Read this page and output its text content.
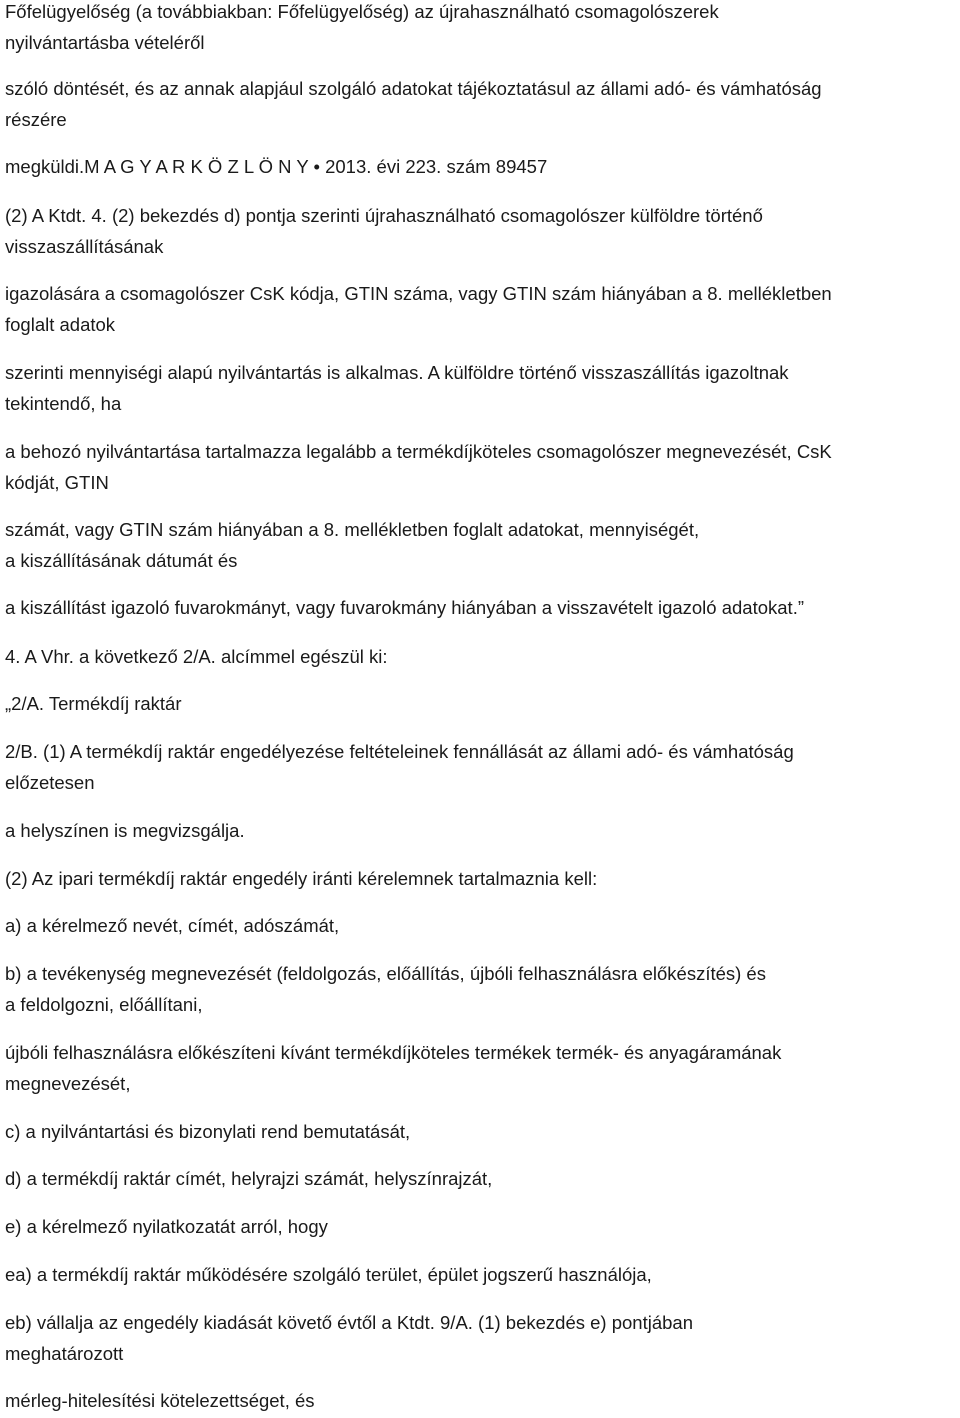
Főfelügyelőség (a továbbiakban: Főfelügyelőség) az újrahasználható csomagolószerek
nyilvántartásba vételéről
szóló döntését, és az annak alapjául szolgáló adatokat tájékoztatásul az állami adó- és vámhatóság
részére
megküldi.M A G Y A R K Ö Z L Ö N Y • 2013. évi 223. szám 89457
(2) A Ktdt. 4. (2) bekezdés d) pontja szerinti újrahasználható csomagolószer külföldre történő
visszaszállításának
igazolására a csomagolószer CsK kódja, GTIN száma, vagy GTIN szám hiányában a 8. mellékletben
foglalt adatok
szerinti mennyiségi alapú nyilvántartás is alkalmas. A külföldre történő visszaszállítás igazoltnak
tekintendő, ha
a behozó nyilvántartása tartalmazza legalább a termékdíjköteles csomagolószer megnevezését, CsK
kódját, GTIN
számát, vagy GTIN szám hiányában a 8. mellékletben foglalt adatokat, mennyiségét,
a kiszállításának dátumát és
a kiszállítást igazoló fuvarokmányt, vagy fuvarokmány hiányában a visszavételt igazoló adatokat.”
4. A Vhr. a következő 2/A. alcímmel egészül ki:
„2/A. Termékdíj raktár
2/B. (1) A termékdíj raktár engedélyezése feltételeinek fennállását az állami adó- és vámhatóság
előzetesen
a helyszínen is megvizsgálja.
(2) Az ipari termékdíj raktár engedély iránti kérelemnek tartalmaznia kell:
a) a kérelmező nevét, címét, adószámát,
b) a tevékenység megnevezését (feldolgozás, előállítás, újbóli felhasználásra előkészítés) és
a feldolgozni, előállítani,
újbóli felhasználásra előkészíteni kívánt termékdíjköteles termékek termék- és anyagáramának
megnevezését,
c) a nyilvántartási és bizonylati rend bemutatását,
d) a termékdíj raktár címét, helyrajzi számát, helyszínrajzát,
e) a kérelmező nyilatkozatát arról, hogy
ea) a termékdíj raktár működésére szolgáló terület, épület jogszerű használója,
eb) vállalja az engedély kiadását követő évtől a Ktdt. 9/A. (1) bekezdés e) pontjában
meghatározott
mérleg-hitelesítési kötelezettséget, és
